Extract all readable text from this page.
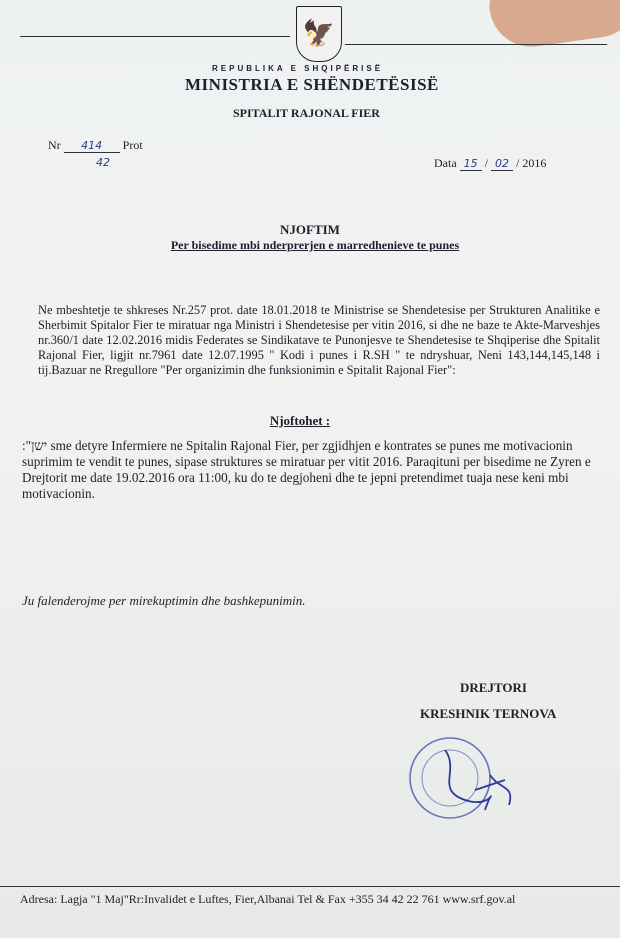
🦅
REPUBLIKA E SHQIPËRISË
MINISTRIA E SHËNDETËSISË
SPITALIT RAJONAL FIER
Nr 414 Prot
42	Data 15 / 02 / 2016
NJOFTIM
Per bisedime mbi nderprerjen e marredhenieve te punes
Ne mbeshtetje te shkreses Nr.257 prot. date 18.01.2018 te Ministrise se Shendetesise per Strukturen Analitike e Sherbimit Spitalor Fier te miratuar nga Ministri i Shendetesise per vitin 2016, si dhe ne baze te Akte-Marveshjes nr.360/1 date 12.02.2016 midis Federates se Sindikatave te Punonjesve te Shendetesise te Shqiperise dhe Spitalit Rajonal Fier, ligjit nr.7961 date 12.07.1995 " Kodi i punes i R.SH " te ndryshuar, Neni 143,144,145,148 i tij.Bazuar ne Rregullore "Per organizimin dhe funksionimin e Spitalit Rajonal Fier":
Njoftohet :
:"ישן sme detyre Infermiere ne Spitalin Rajonal Fier, per zgjidhjen e kontrates se punes me motivacionin suprimim te vendit te punes, sipase struktures se miratuar per vitit 2016. Paraqituni per bisedime ne Zyren e Drejtorit me date 19.02.2016 ora 11:00, ku do te degjoheni dhe te jepni pretendimet tuaja nese keni mbi motivacionin.
Ju falenderojme per mirekuptimin dhe bashkepunimin.
DREJTORI
KRESHNIK TERNOVA
Adresa: Lagja "1 Maj"Rr:Invalidet e Luftes, Fier,Albanai Tel & Fax +355 34 42 22 761 www.srf.gov.al
